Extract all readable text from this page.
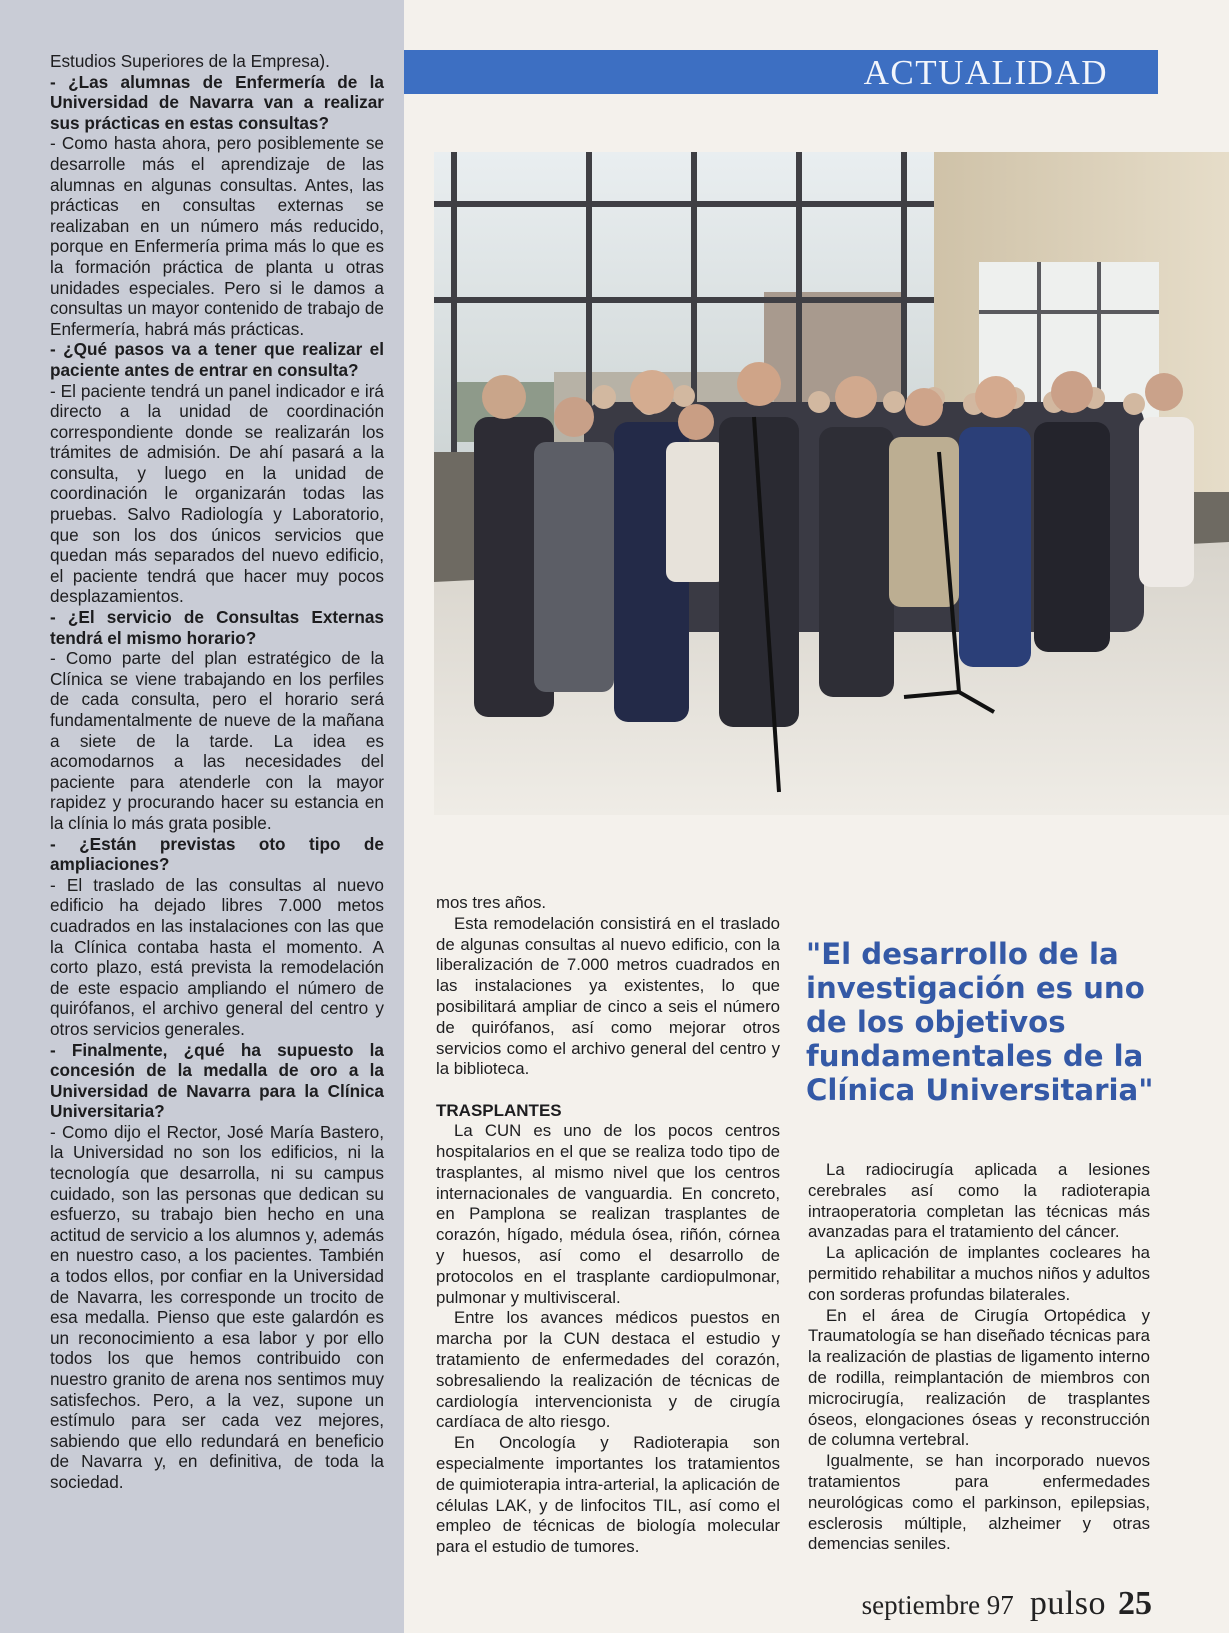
Estudios Superiores de la Empresa).

- ¿Las alumnas de Enfermería de la Universidad de Navarra van a realizar sus prácticas en estas consultas?

- Como hasta ahora, pero posiblemente se desarrolle más el aprendizaje de las alumnas en algunas consultas. Antes, las prácticas en consultas externas se realizaban en un número más reducido, porque en Enfermería prima más lo que es la formación práctica de planta u otras unidades especiales. Pero si le damos a consultas un mayor contenido de trabajo de Enfermería, habrá más prácticas.

- ¿Qué pasos va a tener que realizar el paciente antes de entrar en consulta?

- El paciente tendrá un panel indicador e irá directo a la unidad de coordinación correspondiente donde se realizarán los trámites de admisión. De ahí pasará a la consulta, y luego en la unidad de coordinación le organizarán todas las pruebas. Salvo Radiología y Laboratorio, que son los dos únicos servicios que quedan más separados del nuevo edificio, el paciente tendrá que hacer muy pocos desplazamientos.

- ¿El servicio de Consultas Externas tendrá el mismo horario?

- Como parte del plan estratégico de la Clínica se viene trabajando en los perfiles de cada consulta, pero el horario será fundamentalmente de nueve de la mañana a siete de la tarde. La idea es acomodarnos a las necesidades del paciente para atenderle con la mayor rapidez y procurando hacer su estancia en la clínia lo más grata posible.

- ¿Están previstas oto tipo de ampliaciones?

- El traslado de las consultas al nuevo edificio ha dejado libres 7.000 metos cuadrados en las instalaciones con las que la Clínica contaba hasta el momento. A corto plazo, está prevista la remodelación de este espacio ampliando el número de quirófanos, el archivo general del centro y otros servicios generales.

- Finalmente, ¿qué ha supuesto la concesión de la medalla de oro a la Universidad de Navarra para la Clínica Universitaria?

- Como dijo el Rector, José María Bastero, la Universidad no son los edificios, ni la tecnología que desarrolla, ni su campus cuidado, son las personas que dedican su esfuerzo, su trabajo bien hecho en una actitud de servicio a los alumnos y, además en nuestro caso, a los pacientes. También a todos ellos, por confiar en la Universidad de Navarra, les corresponde un trocito de esa medalla. Pienso que este galardón es un reconocimiento a esa labor y por ello todos los que hemos contribuido con nuestro granito de arena nos sentimos muy satisfechos. Pero, a la vez, supone un estímulo para ser cada vez mejores, sabiendo que ello redundará en beneficio de Navarra y, en definitiva, de toda la sociedad.

ACTUALIDAD

mos tres años.

Esta remodelación consistirá en el traslado de algunas consultas al nuevo edificio, con la liberalización de 7.000 metros cuadrados en las instalaciones ya existentes, lo que posibilitará ampliar de cinco a seis el número de quirófanos, así como mejorar otros servicios como el archivo general del centro y la biblioteca.

TRASPLANTES

La CUN es uno de los pocos centros hospitalarios en el que se realiza todo tipo de trasplantes, al mismo nivel que los centros internacionales de vanguardia. En concreto, en Pamplona se realizan trasplantes de corazón, hígado, médula ósea, riñón, córnea y huesos, así como el desarrollo de protocolos en el trasplante cardiopulmonar, pulmonar y multivisceral.

Entre los avances médicos puestos en marcha por la CUN destaca el estudio y tratamiento de enfermedades del corazón, sobresaliendo la realización de técnicas de cardiología intervencionista y de cirugía cardíaca de alto riesgo.

En Oncología y Radioterapia son especialmente importantes los tratamientos de quimioterapia intra-arterial, la aplicación de células LAK, y de linfocitos TIL, así como el empleo de técnicas de biología molecular para el estudio de tumores.

"El desarrollo de la investigación es uno de los objetivos fundamentales de la Clínica Universitaria"

La radiocirugía aplicada a lesiones cerebrales así como la radioterapia intraoperatoria completan las técnicas más avanzadas para el tratamiento del cáncer.

La aplicación de implantes cocleares ha permitido rehabilitar a muchos niños y adultos con sorderas profundas bilaterales.

En el área de Cirugía Ortopédica y Traumatología se han diseñado técnicas para la realización de plastias de ligamento interno de rodilla, reimplantación de miembros con microcirugía, realización de trasplantes óseos, elongaciones óseas y reconstrucción de columna vertebral.

Igualmente, se han incorporado nuevos tratamientos para enfermedades neurológicas como el parkinson, epilepsias, esclerosis múltiple, alzheimer y otras demencias seniles.

septiembre 97 pulso 25
